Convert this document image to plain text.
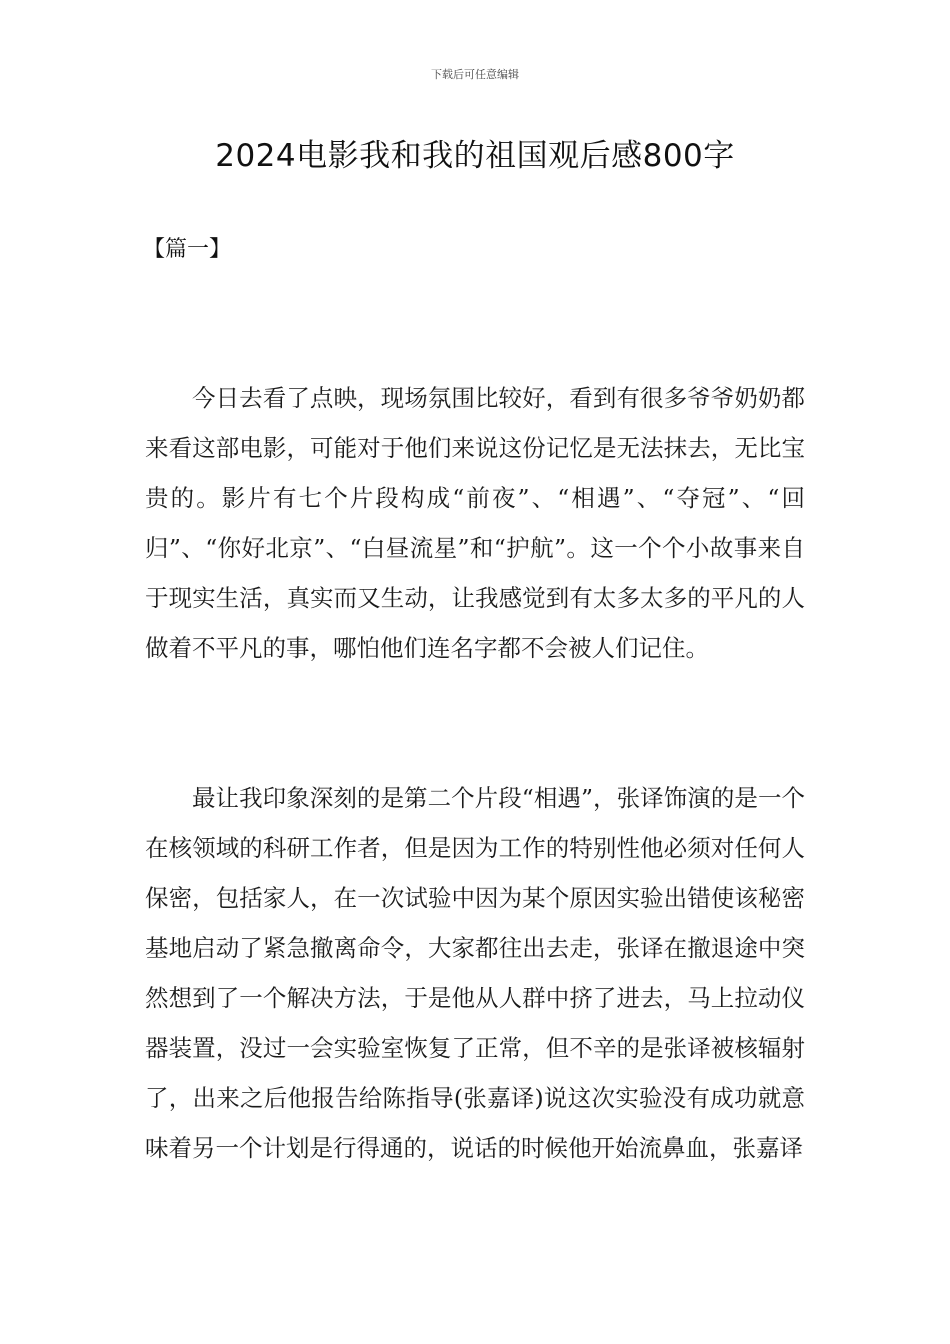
下载后可任意编辑
2024电影我和我的祖国观后感800字
【篇一】

今日去看了点映，现场氛围比较好，看到有很多爷爷奶奶都来看这部电影，可能对于他们来说这份记忆是无法抹去，无比宝贵的。影片有七个片段构成“前夜”、“相遇”、“夺冠”、“回归”、“你好北京”、“白昼流星”和“护航”。这一个个小故事来自于现实生活，真实而又生动，让我感觉到有太多太多的平凡的人做着不平凡的事，哪怕他们连名字都不会被人们记住。

最让我印象深刻的是第二个片段“相遇”，张译饰演的是一个在核领域的科研工作者，但是因为工作的特别性他必须对任何人保密，包括家人，在一次试验中因为某个原因实验出错使该秘密基地启动了紧急撤离命令，大家都往出去走，张译在撤退途中突然想到了一个解决方法，于是他从人群中挤了进去，马上拉动仪器装置，没过一会实验室恢复了正常，但不辛的是张译被核辐射了，出来之后他报告给陈指导(张嘉译)说这次实验没有成功就意味着另一个计划是行得通的，说话的时候他开始流鼻血，张嘉译
